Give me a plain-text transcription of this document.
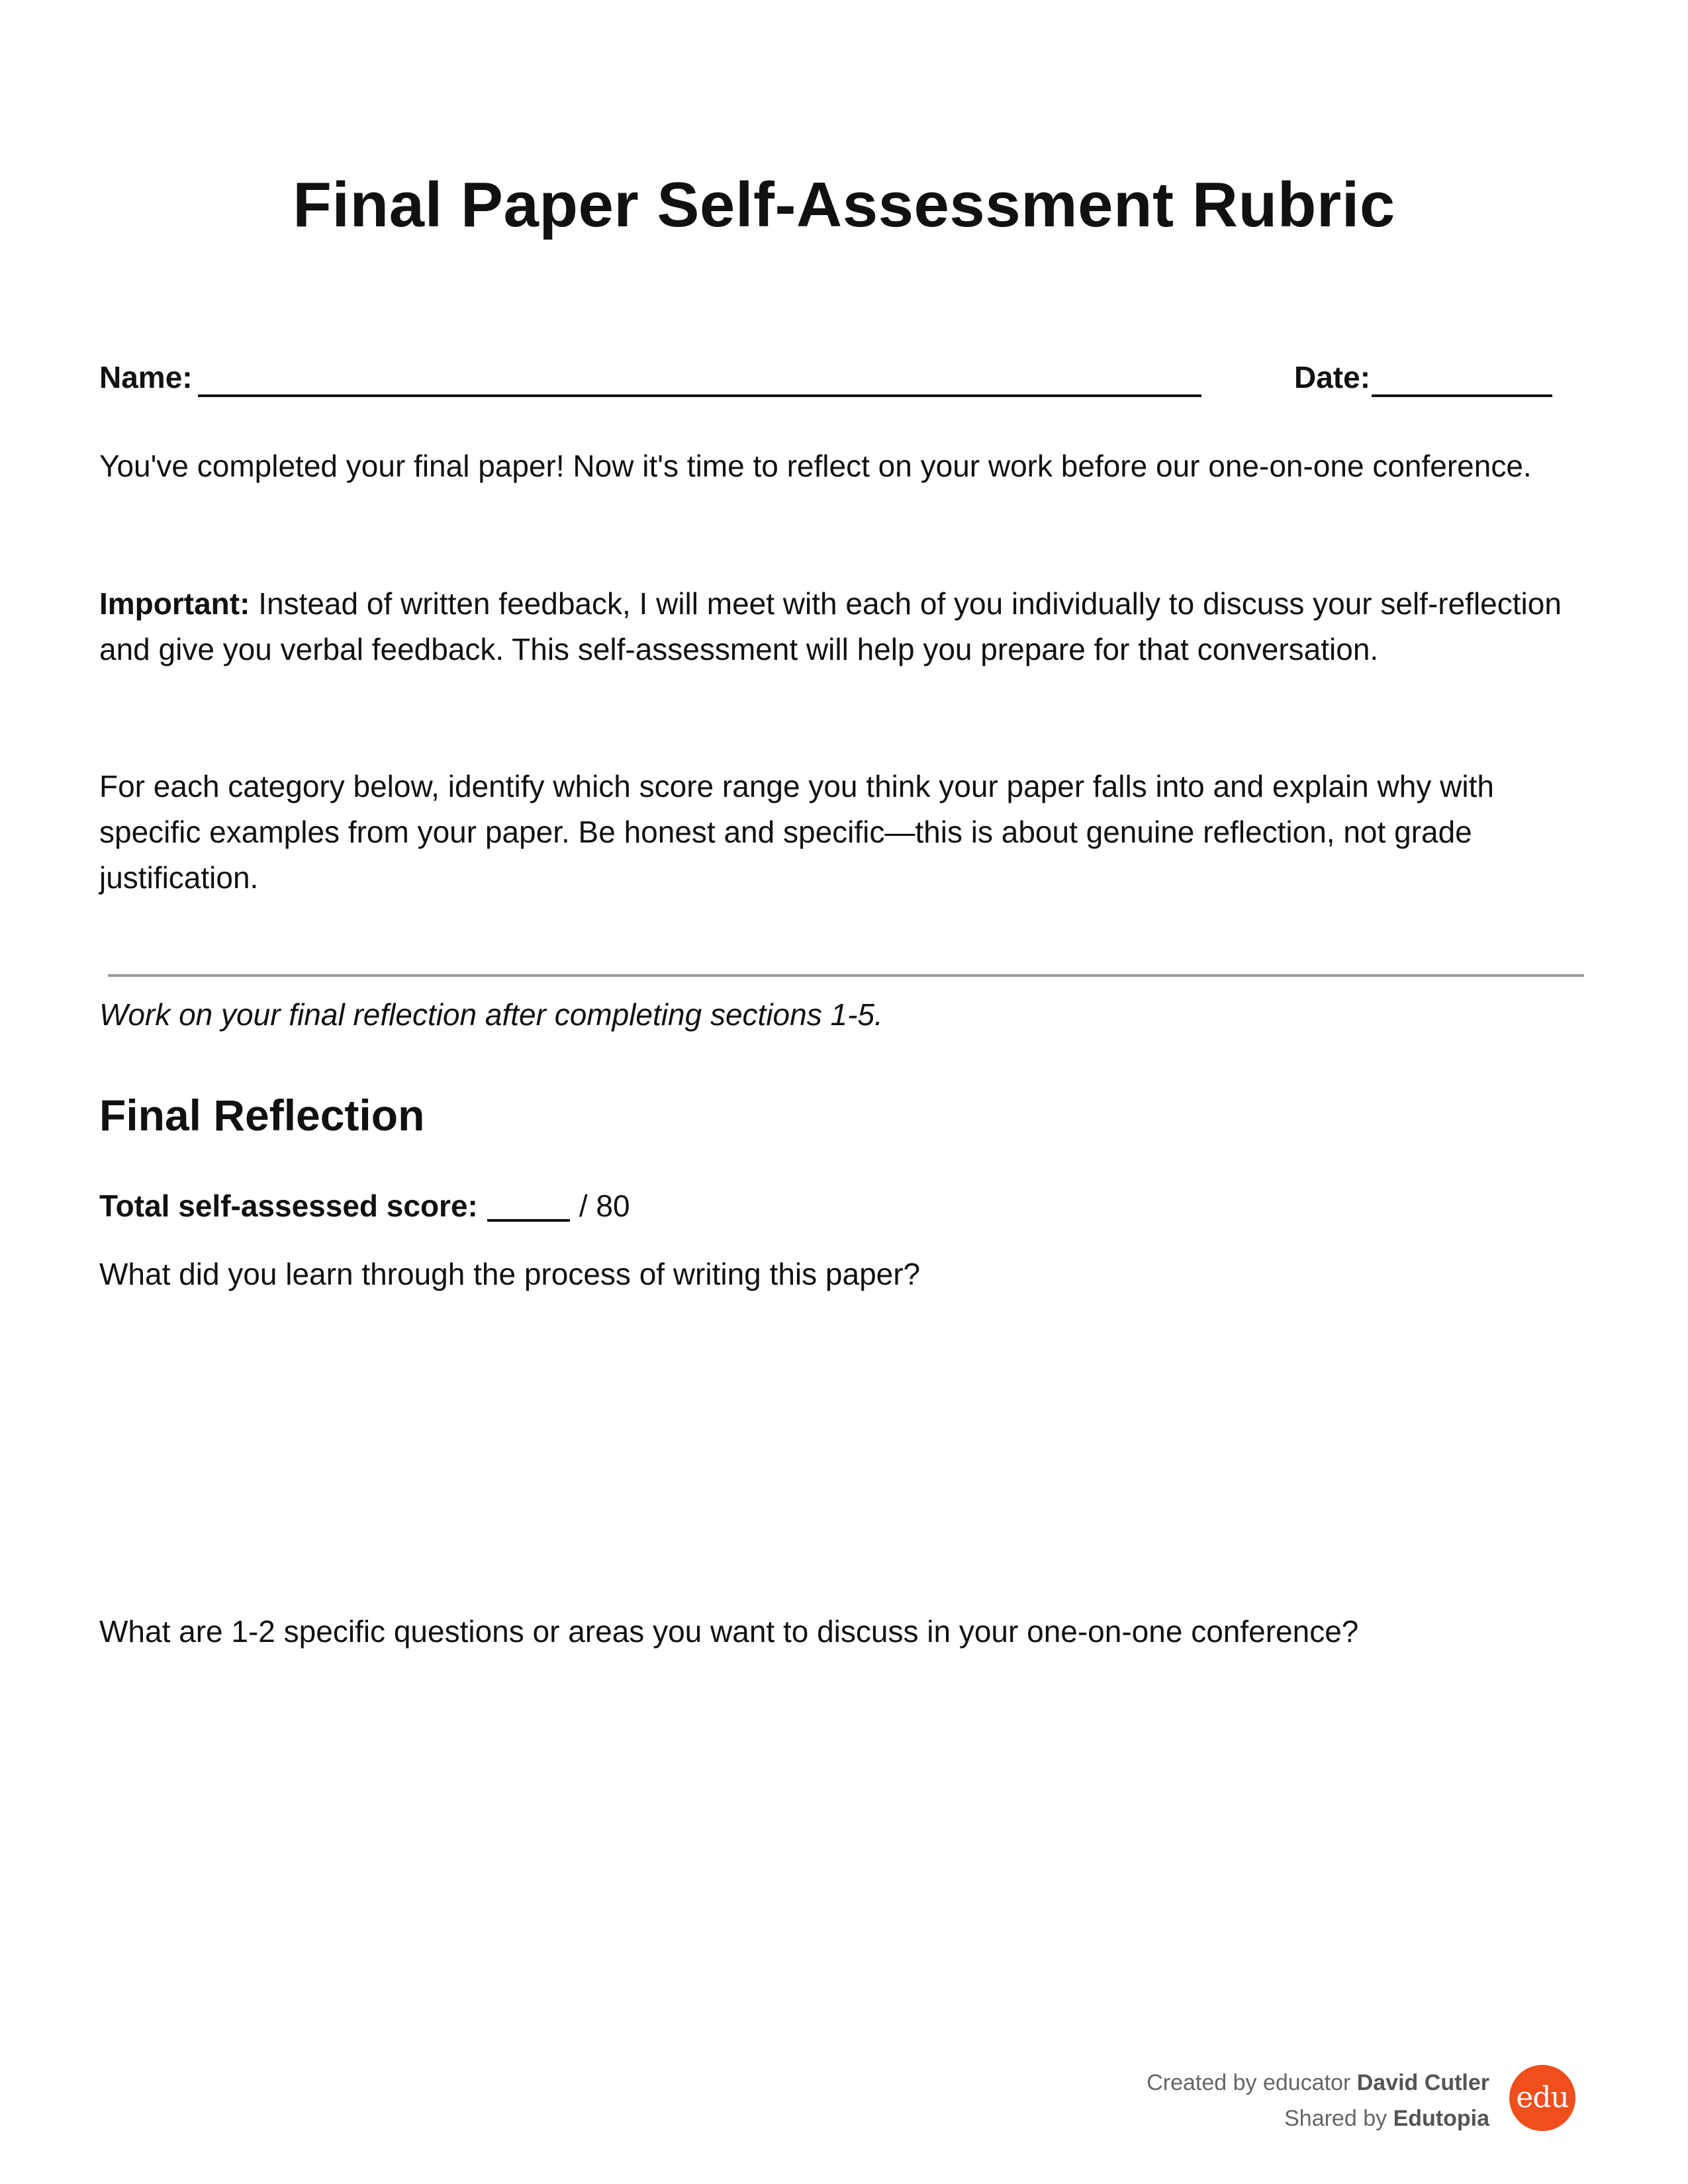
Final Paper Self-Assessment Rubric
Name:	Date:

You've completed your final paper! Now it's time to reflect on your work before our one-on-one conference.

Important: Instead of written feedback, I will meet with each of you individually to discuss your self-reflection and give you verbal feedback. This self-assessment will help you prepare for that conversation.

For each category below, identify which score range you think your paper falls into and explain why with specific examples from your paper. Be honest and specific—this is about genuine reflection, not grade justification.

Work on your final reflection after completing sections 1-5.

Final Reflection
Total self-assessed score:	/ 80

What did you learn through the process of writing this paper?

What are 1-2 specific questions or areas you want to discuss in your one-on-one conference?

Created by educator David Cutler
Shared by Edutopia
edu
